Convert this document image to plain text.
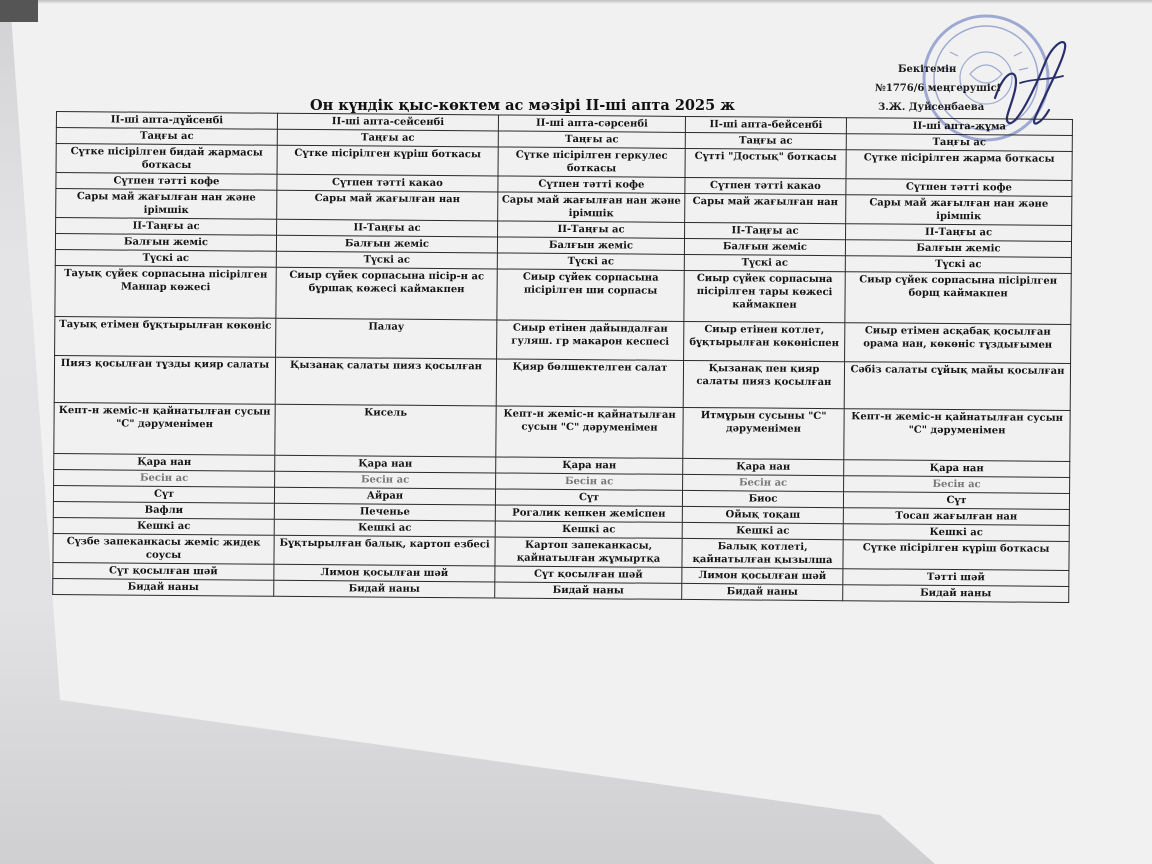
Бекітемін
№1776/6 меңгерушісі
З.Ж. Дуйсенбаева
Он күндік қыс-көктем ас мәзірі II-ші апта 2025 ж
II-ші апта-дүйсенбі	II-ші апта-сейсенбі	II-ші апта-сәрсенбі	II-ші апта-бейсенбі	II-ші апта-жұма
Таңғы ас	Таңғы ас	Таңғы ас	Таңғы ас	Таңғы ас
Сүтке пісірілген бидай жармасы боткасы	Сүтке пісірілген күріш боткасы	Сүтке пісірілген геркулес боткасы	Сүтті "Достық" боткасы	Сүтке пісірілген жарма боткасы
Сүтпен тәтті кофе	Сүтпен тәтті какао	Сүтпен тәтті кофе	Сүтпен тәтті какао	Сүтпен тәтті кофе
Сары май жағылған нан және ірімшік	Сары май жағылған нан	Сары май жағылған нан және ірімшік	Сары май жағылған нан	Сары май жағылған нан және ірімшік
II-Таңғы ас	II-Таңғы ас	II-Таңғы ас	II-Таңғы ас	II-Таңғы ас
Балғын жеміс	Балғын жеміс	Балғын жеміс	Балғын жеміс	Балғын жеміс
Түскі ас	Түскі ас	Түскі ас	Түскі ас	Түскі ас
Тауық сүйек сорпасына пісірілген Манпар көжесі	Сиыр сүйек сорпасына пісір-н ас бұршақ көжесі каймакпен	Сиыр сүйек сорпасына пісірілген ши сорпасы	Сиыр сүйек сорпасына пісірілген тары көжесі каймакпен	Сиыр сүйек сорпасына пісірілген борщ каймакпен
Тауық етімен бұқтырылған көкөніс	Палау	Сиыр етінен дайындалған гуляш. гр макарон кеспесі	Сиыр етінен котлет, бұқтырылған көкөніспен	Сиыр етімен асқабақ қосылған орама нан, көкөніс тұздығымен
Пияз қосылған тұзды қияр салаты	Қызанақ салаты пияз қосылған	Қияр бөлшектелген салат	Қызанақ пен қияр салаты пияз қосылған	Сәбіз салаты сұйық майы қосылған
Кепт-н жеміс-н қайнатылған сусын "С" дәруменімен	Кисель	Кепт-н жеміс-н қайнатылған сусын "С" дәруменімен	Итмұрын сусыны "С" дәруменімен	Кепт-н жеміс-н қайнатылған сусын "С" дәруменімен
Қара нан	Қара нан	Қара нан	Қара нан	Қара нан
Бесін ас	Бесін ас	Бесін ас	Бесін ас	Бесін ас
Сүт	Айран	Сүт	Биос	Сүт
Вафли	Печенье	Рогалик кепкен жеміспен	Ойық тоқаш	Тосап жағылған нан
Кешкі ас	Кешкі ас	Кешкі ас	Кешкі ас	Кешкі ас
Сүзбе запеканкасы жеміс жидек соусы	Бұқтырылған балық, картоп езбесі	Картоп запеканкасы, қайнатылған жұмыртқа	Балық котлеті, қайнатылған қызылша	Сүтке пісірілген күріш боткасы
Сүт қосылған шәй	Лимон қосылған шәй	Сүт қосылған шәй	Лимон қосылған шәй	Тәтті шәй
Бидай наны	Бидай наны	Бидай наны	Бидай наны	Бидай наны
